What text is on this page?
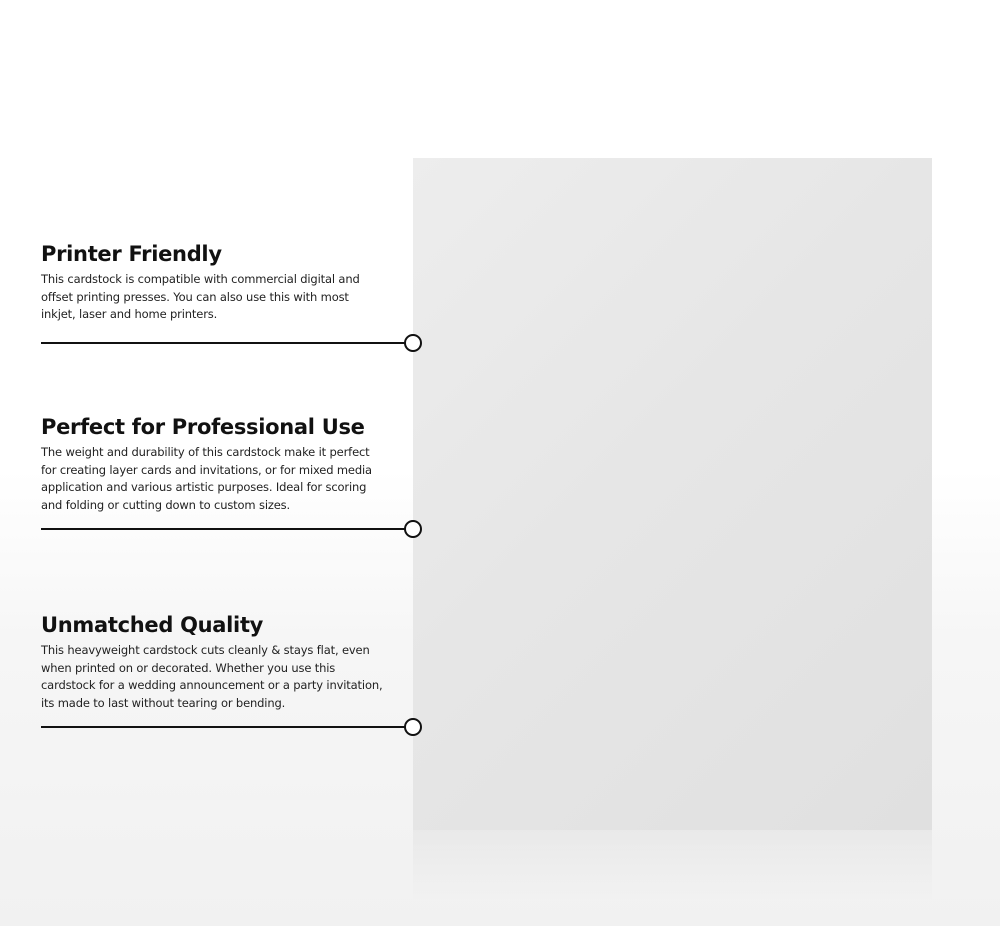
Printer Friendly

This cardstock is compatible with commercial digital and offset printing presses. You can also use this with most inkjet, laser and home printers.

Perfect for Professional Use

The weight and durability of this cardstock make it perfect for creating layer cards and invitations, or for mixed media application and various artistic purposes. Ideal for scoring and folding or cutting down to custom sizes.

Unmatched Quality

This heavyweight cardstock cuts cleanly & stays flat, even when printed on or decorated. Whether you use this cardstock for a wedding announcement or a party invitation, its made to last without tearing or bending.
